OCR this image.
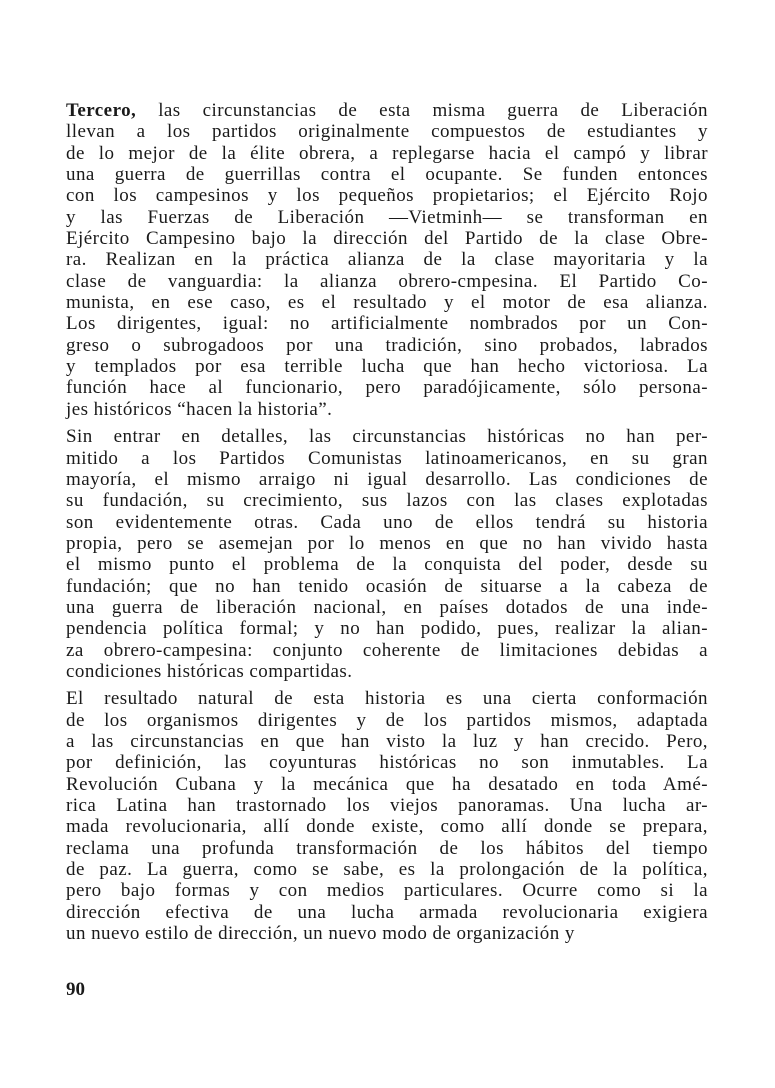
Tercero, las circunstancias de esta misma guerra de Liberación
llevan a los partidos originalmente compuestos de estudiantes y
de lo mejor de la élite obrera, a replegarse hacia el campó y librar
una guerra de guerrillas contra el ocupante. Se funden entonces
con los campesinos y los pequeños propietarios; el Ejército Rojo
y las Fuerzas de Liberación —Vietminh— se transforman en
Ejército Campesino bajo la dirección del Partido de la clase Obre-
ra. Realizan en la práctica alianza de la clase mayoritaria y la
clase de vanguardia: la alianza obrero-cmpesina. El Partido Co-
munista, en ese caso, es el resultado y el motor de esa alianza.
Los dirigentes, igual: no artificialmente nombrados por un Con-
greso o subrogadoos por una tradición, sino probados, labrados
y templados por esa terrible lucha que han hecho victoriosa. La
función hace al funcionario, pero paradójicamente, sólo persona-
jes históricos “hacen la historia”.
Sin entrar en detalles, las circunstancias históricas no han per-
mitido a los Partidos Comunistas latinoamericanos, en su gran
mayoría, el mismo arraigo ni igual desarrollo. Las condiciones de
su fundación, su crecimiento, sus lazos con las clases explotadas
son evidentemente otras. Cada uno de ellos tendrá su historia
propia, pero se asemejan por lo menos en que no han vivido hasta
el mismo punto el problema de la conquista del poder, desde su
fundación; que no han tenido ocasión de situarse a la cabeza de
una guerra de liberación nacional, en países dotados de una inde-
pendencia política formal; y no han podido, pues, realizar la alian-
za obrero-campesina: conjunto coherente de limitaciones debidas a
condiciones históricas compartidas.
El resultado natural de esta historia es una cierta conformación
de los organismos dirigentes y de los partidos mismos, adaptada
a las circunstancias en que han visto la luz y han crecido. Pero,
por definición, las coyunturas históricas no son inmutables. La
Revolución Cubana y la mecánica que ha desatado en toda Amé-
rica Latina han trastornado los viejos panoramas. Una lucha ar-
mada revolucionaria, allí donde existe, como allí donde se prepara,
reclama una profunda transformación de los hábitos del tiempo
de paz. La guerra, como se sabe, es la prolongación de la política,
pero bajo formas y con medios particulares. Ocurre como si la
dirección efectiva de una lucha armada revolucionaria exigiera
un nuevo estilo de dirección, un nuevo modo de organización y
90
